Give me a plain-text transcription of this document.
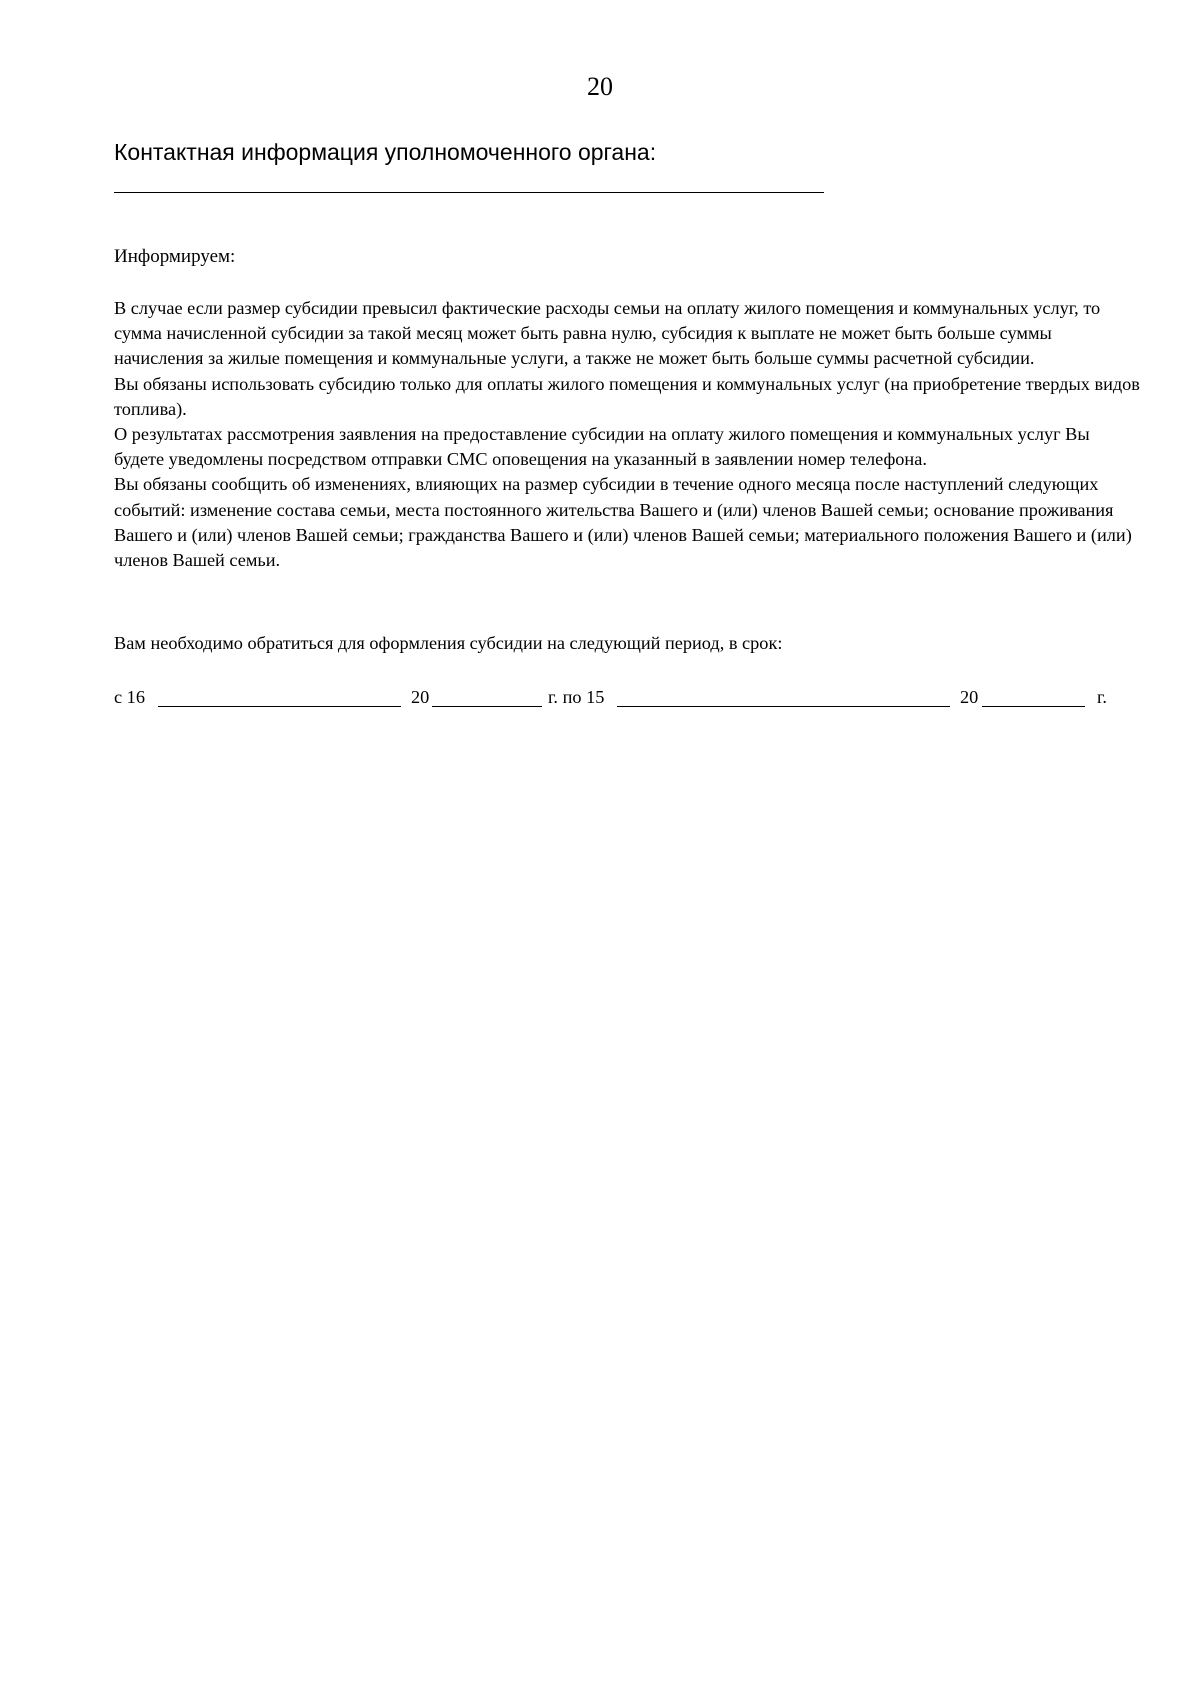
20
Контактная информация уполномоченного органа:
Информируем:

В случае если размер субсидии превысил фактические расходы семьи на оплату жилого помещения и коммунальных услуг, то сумма начисленной субсидии за такой месяц может быть равна нулю, субсидия к выплате не может быть больше суммы начисления за жилые помещения и коммунальные услуги, а также не может быть больше суммы расчетной субсидии.

Вы обязаны использовать субсидию только для оплаты жилого помещения и коммунальных услуг (на приобретение твердых видов топлива).

О результатах рассмотрения заявления на предоставление субсидии на оплату жилого помещения и коммунальных услуг Вы будете уведомлены посредством отправки СМС оповещения на указанный в заявлении номер телефона.

Вы обязаны сообщить об изменениях, влияющих на размер субсидии в течение одного месяца после наступлений следующих событий: изменение состава семьи, места постоянного жительства Вашего и (или) членов Вашей семьи; основание проживания Вашего и (или) членов Вашей семьи; гражданства Вашего и (или) членов Вашей семьи; материального положения Вашего и (или) членов Вашей семьи.

Вам необходимо обратиться для оформления субсидии на следующий период, в срок:
с 16	20	г. по 15	20	г.
